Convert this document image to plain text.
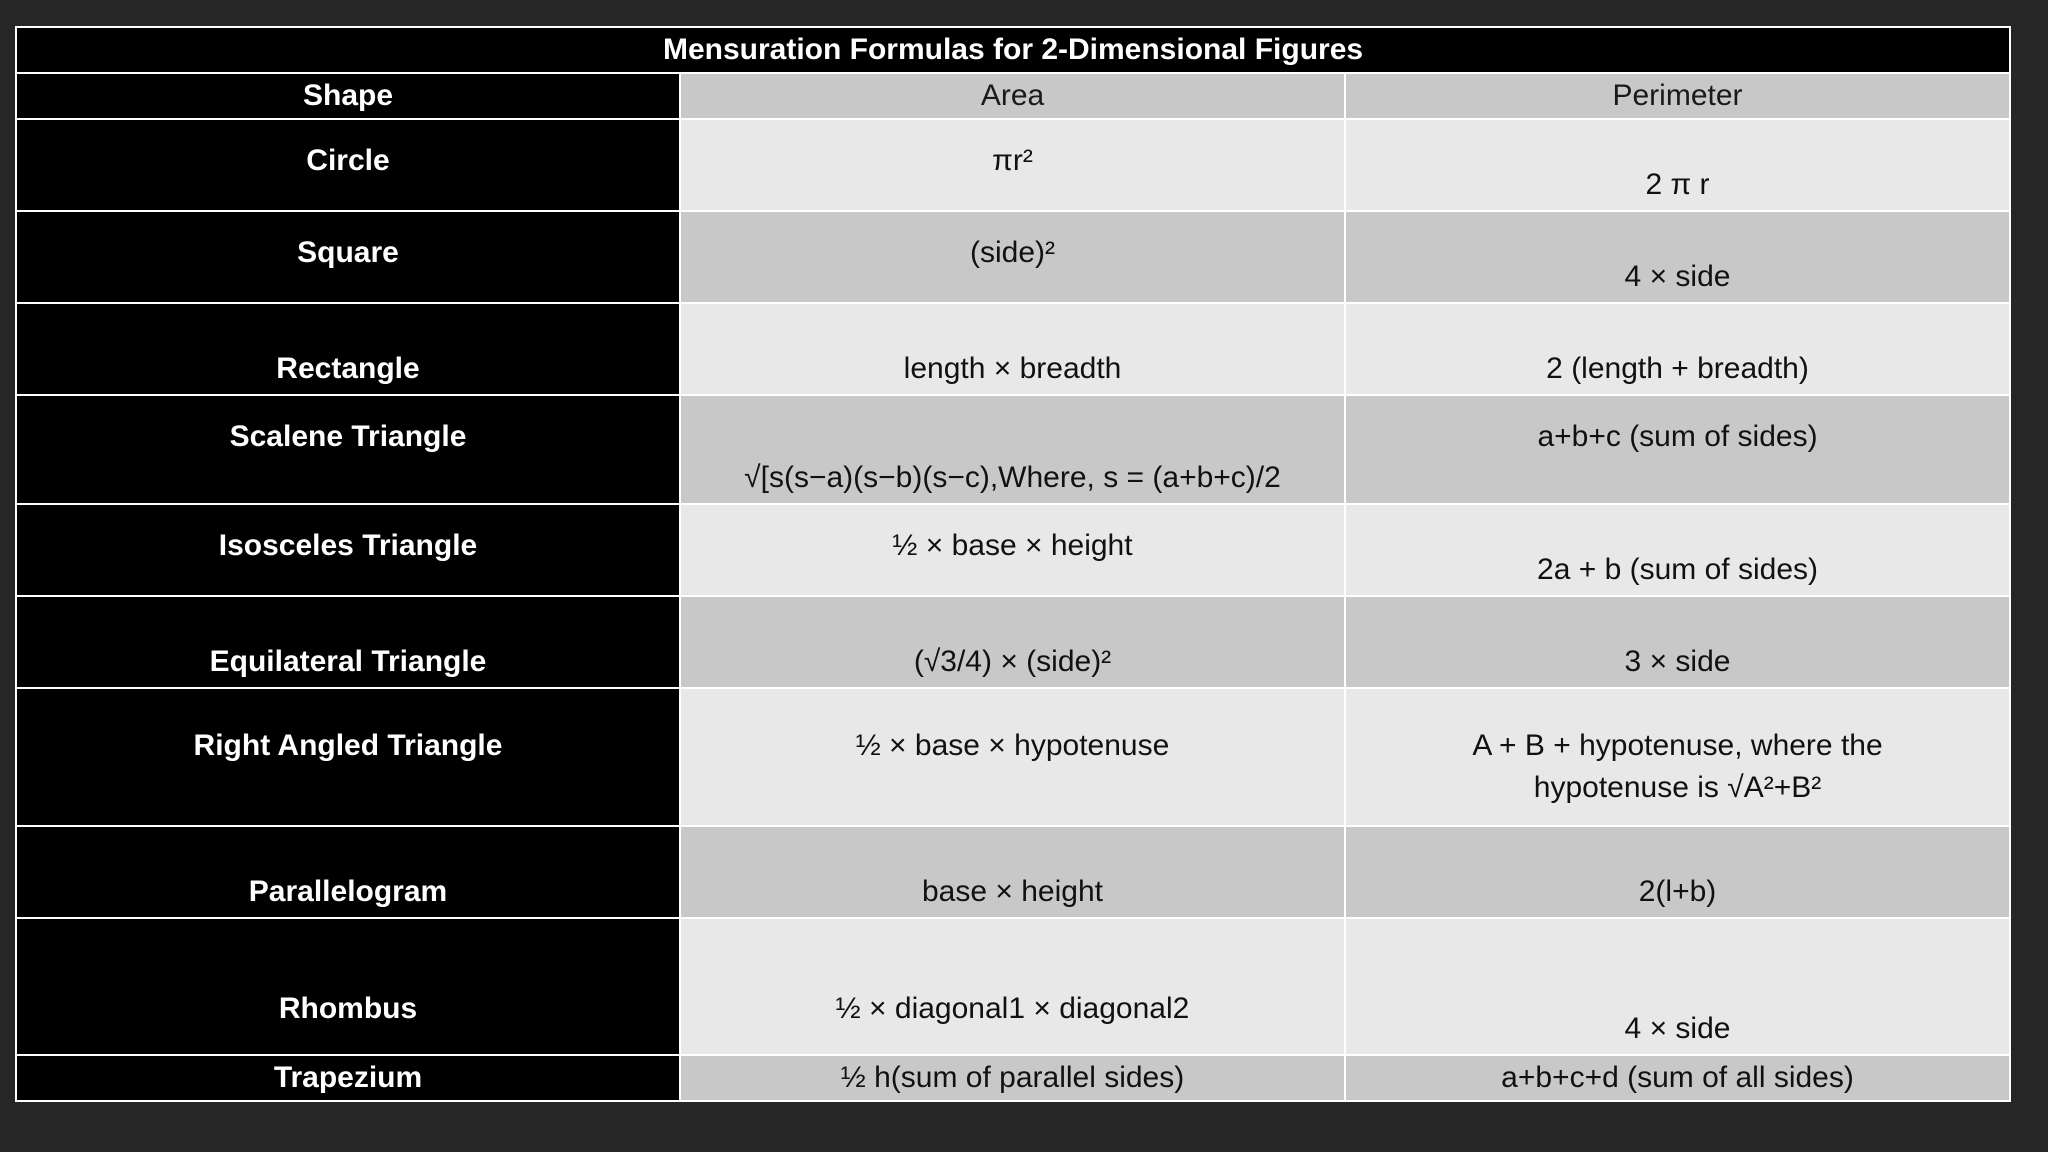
Mensuration Formulas for 2-Dimensional Figures		
Shape	Area	Perimeter
Circle	πr²	2 π r
Square	(side)²	4 × side
Rectangle	length × breadth	2 (length + breadth)
Scalene Triangle	√[s(s−a)(s−b)(s−c),Where, s = (a+b+c)/2	a+b+c (sum of sides)
Isosceles Triangle	½ × base × height	2a + b (sum of sides)
Equilateral Triangle	(√3/4) × (side)²	3 × side
Right Angled Triangle	½ × base × hypotenuse	A + B + hypotenuse, where the
hypotenuse is √A²+B²

Parallelogram	base × height	2(l+b)
Rhombus	½ × diagonal1 × diagonal2	4 × side
Trapezium	½ h(sum of parallel sides)	a+b+c+d (sum of all sides)
